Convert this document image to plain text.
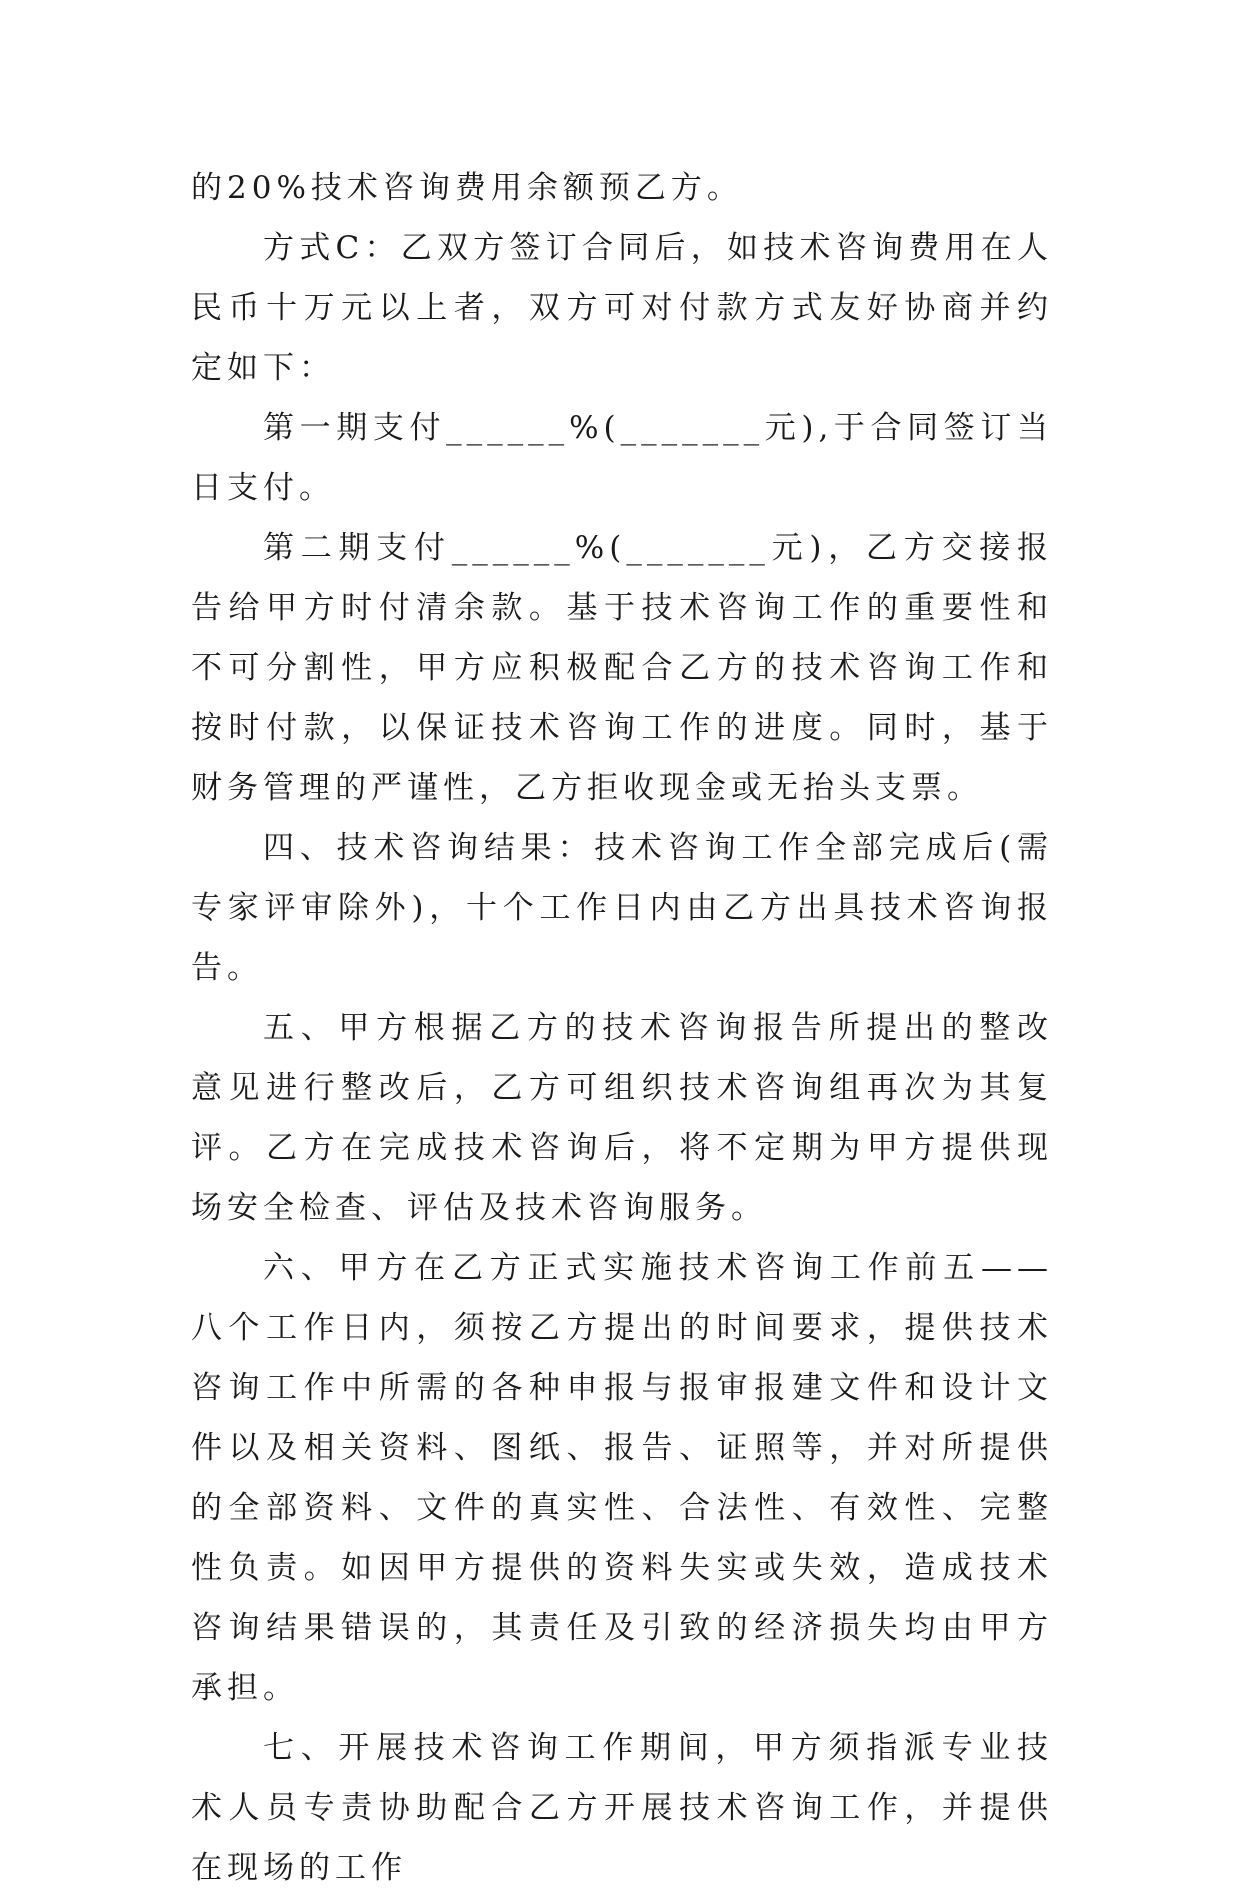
的20%技术咨询费用余额预乙方。

方式C：乙双方签订合同后，如技术咨询费用在人民币十万元以上者，双方可对付款方式友好协商并约定如下：

第一期支付______%(_______元),于合同签订当日支付。

第二期支付______%(_______元)，乙方交接报告给甲方时付清余款。基于技术咨询工作的重要性和不可分割性，甲方应积极配合乙方的技术咨询工作和按时付款，以保证技术咨询工作的进度。同时，基于财务管理的严谨性，乙方拒收现金或无抬头支票。

四、技术咨询结果：技术咨询工作全部完成后(需专家评审除外)，十个工作日内由乙方出具技术咨询报告。

五、甲方根据乙方的技术咨询报告所提出的整改意见进行整改后，乙方可组织技术咨询组再次为其复评。乙方在完成技术咨询后，将不定期为甲方提供现场安全检查、评估及技术咨询服务。

六、甲方在乙方正式实施技术咨询工作前五——八个工作日内，须按乙方提出的时间要求，提供技术咨询工作中所需的各种申报与报审报建文件和设计文件以及相关资料、图纸、报告、证照等，并对所提供的全部资料、文件的真实性、合法性、有效性、完整性负责。如因甲方提供的资料失实或失效，造成技术咨询结果错误的，其责任及引致的经济损失均由甲方承担。

七、开展技术咨询工作期间，甲方须指派专业技术人员专责协助配合乙方开展技术咨询工作，并提供在现场的工作
